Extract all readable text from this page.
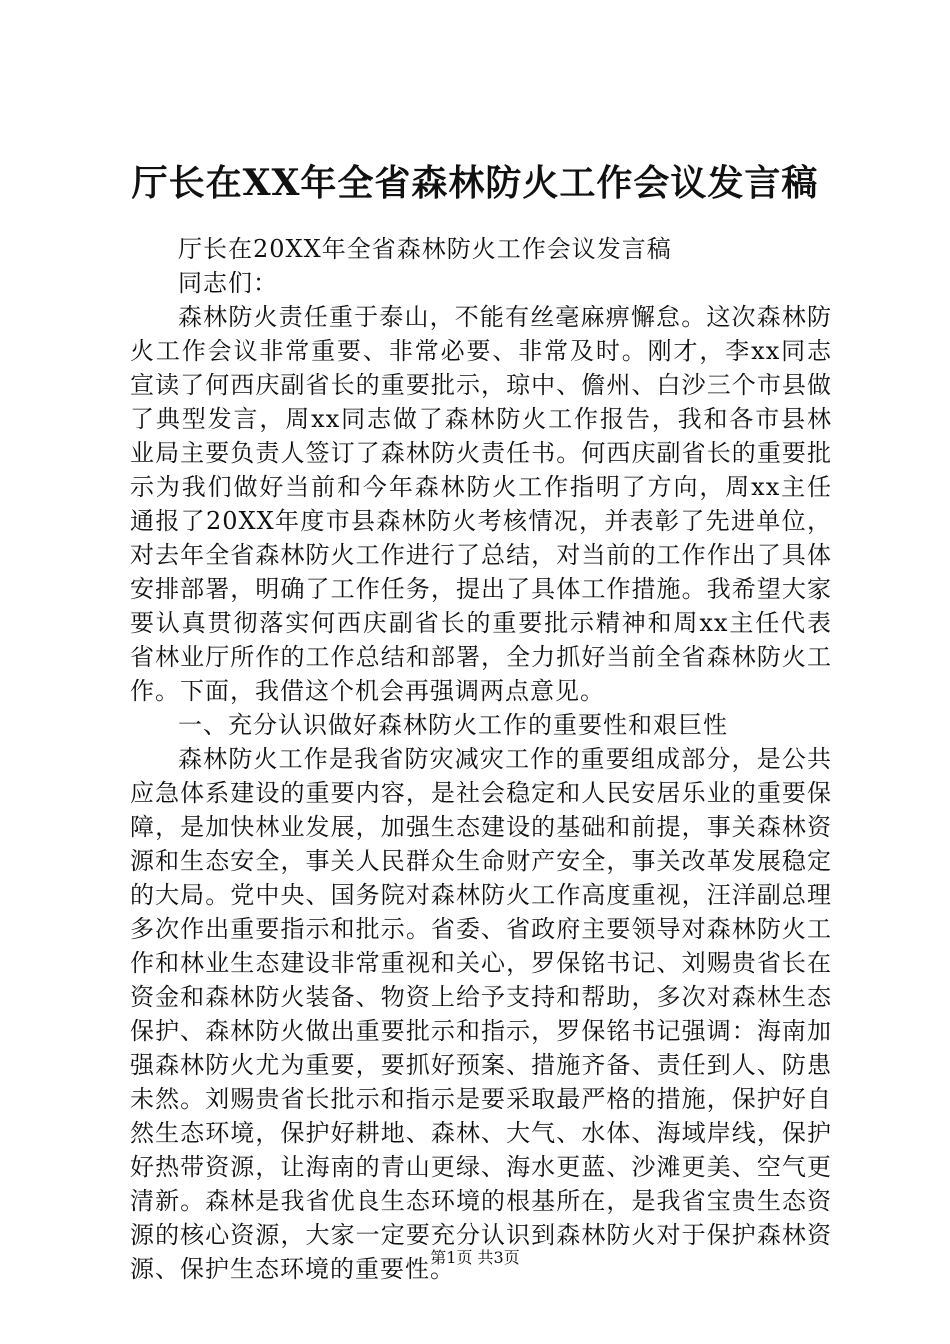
厅长在XX年全省森林防火工作会议发言稿

厅长在20XX年全省森林防火工作会议发言稿

同志们：

森林防火责任重于泰山，不能有丝毫麻痹懈怠。这次森林防火工作会议非常重要、非常必要、非常及时。刚才，李xx同志宣读了何西庆副省长的重要批示，琼中、儋州、白沙三个市县做了典型发言，周xx同志做了森林防火工作报告，我和各市县林业局主要负责人签订了森林防火责任书。何西庆副省长的重要批示为我们做好当前和今年森林防火工作指明了方向，周xx主任通报了20XX年度市县森林防火考核情况，并表彰了先进单位，对去年全省森林防火工作进行了总结，对当前的工作作出了具体安排部署，明确了工作任务，提出了具体工作措施。我希望大家要认真贯彻落实何西庆副省长的重要批示精神和周xx主任代表省林业厅所作的工作总结和部署，全力抓好当前全省森林防火工作。下面，我借这个机会再强调两点意见。

一、充分认识做好森林防火工作的重要性和艰巨性

森林防火工作是我省防灾减灾工作的重要组成部分，是公共应急体系建设的重要内容，是社会稳定和人民安居乐业的重要保障，是加快林业发展，加强生态建设的基础和前提，事关森林资源和生态安全，事关人民群众生命财产安全，事关改革发展稳定的大局。党中央、国务院对森林防火工作高度重视，汪洋副总理多次作出重要指示和批示。省委、省政府主要领导对森林防火工作和林业生态建设非常重视和关心，罗保铭书记、刘赐贵省长在资金和森林防火装备、物资上给予支持和帮助，多次对森林生态保护、森林防火做出重要批示和指示，罗保铭书记强调：海南加强森林防火尤为重要，要抓好预案、措施齐备、责任到人、防患未然。刘赐贵省长批示和指示是要采取最严格的措施，保护好自然生态环境，保护好耕地、森林、大气、水体、海域岸线，保护好热带资源，让海南的青山更绿、海水更蓝、沙滩更美、空气更清新。森林是我省优良生态环境的根基所在，是我省宝贵生态资源的核心资源，大家一定要充分认识到森林防火对于保护森林资源、保护生态环境的重要性。

第1页 共3页
